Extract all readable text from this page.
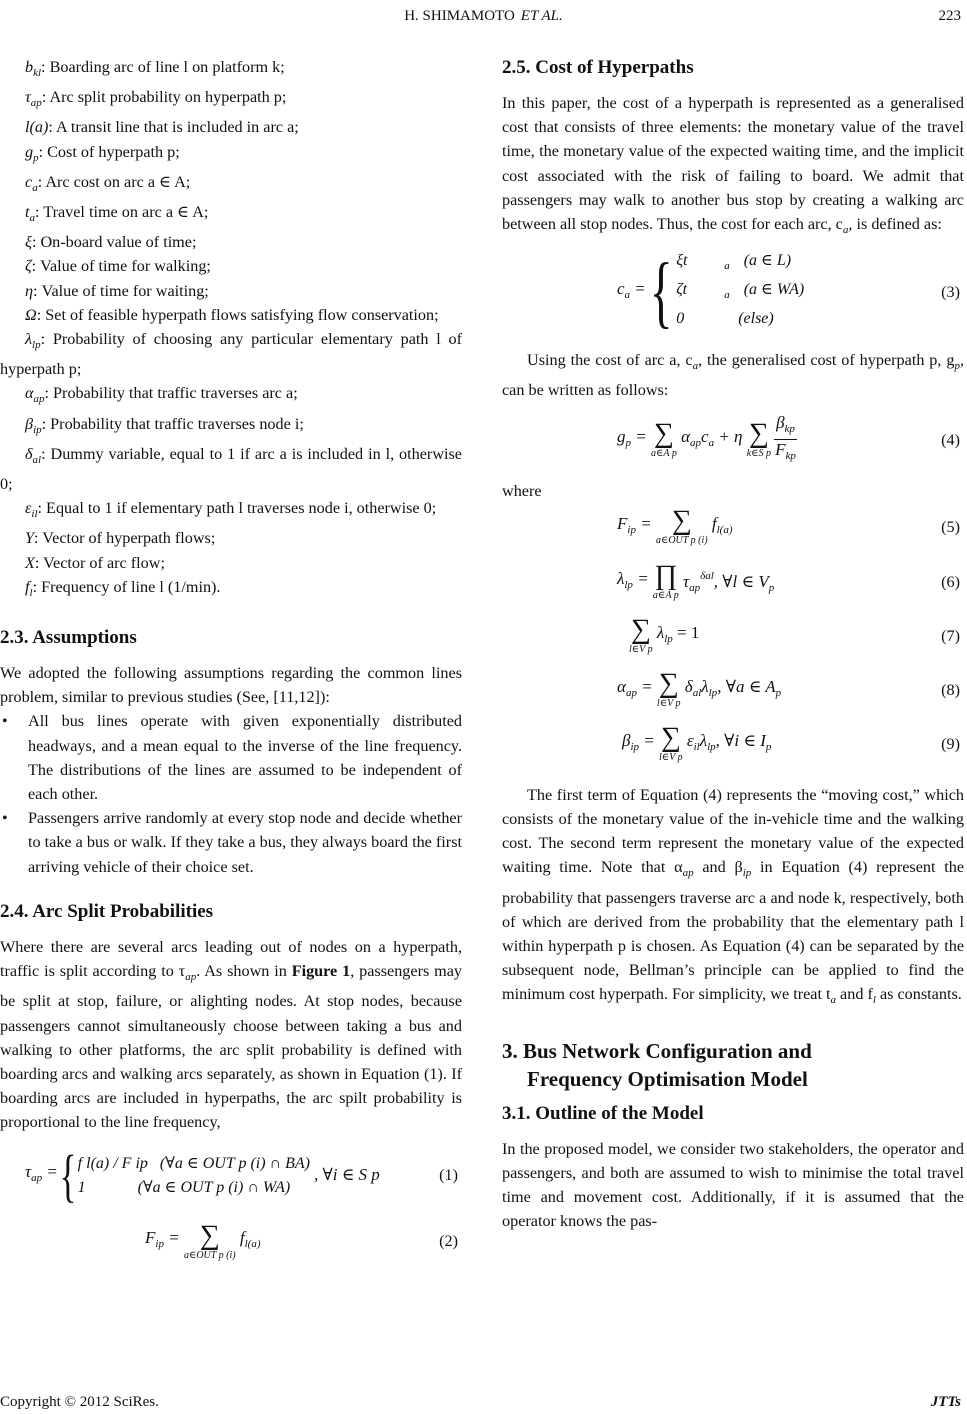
H. SHIMAMOTO ET AL.	223

$b_{kl}$: Boarding arc of line l on platform k;

$\tau_{ap}$: Arc split probability on hyperpath p;

l(a): A transit line that is included in arc a;

$g_p$: Cost of hyperpath p;

$c_a$: Arc cost on arc a ∈ A;

$t_a$: Travel time on arc a ∈ A;

ξ: On-board value of time;

ζ: Value of time for walking;

η: Value of time for waiting;

Ω: Set of feasible hyperpath flows satisfying flow conservation;

$\lambda_{lp}$: Probability of choosing any particular elementary path l of hyperpath p;

$\alpha_{ap}$: Probability that traffic traverses arc a;

$\beta_{ip}$: Probability that traffic traverses node i;

$\delta_{al}$: Dummy variable, equal to 1 if arc a is included in l, otherwise 0;

$\varepsilon_{il}$: Equal to 1 if elementary path l traverses node i, otherwise 0;

Y: Vector of hyperpath flows;

X: Vector of arc flow;

$f_l$: Frequency of line l (1/min).

2.3. Assumptions

We adopted the following assumptions regarding the common lines problem, similar to previous studies (See, [11,12]):

• All bus lines operate with given exponentially distributed headways, and a mean equal to the inverse of the line frequency. The distributions of the lines are assumed to be independent of each other.
• Passengers arrive randomly at every stop node and decide whether to take a bus or walk. If they take a bus, they always board the first arriving vehicle of their choice set.
2.4. Arc Split Probabilities

Where there are several arcs leading out of nodes on a hyperpath, traffic is split according to $\tau_{ap}$. As shown in Figure 1, passengers may be split at stop, failure, or alighting nodes. At stop nodes, because passengers cannot simultaneously choose between taking a bus and walking to other platforms, the arc split probability is defined with boarding arcs and walking arcs separately, as shown in Equation (1). If boarding arcs are included in hyperpaths, the arc spilt probability is proportional to the line frequency,

$\tau_{ap}$ = { f l(a) / F ip (∀a ∈ OUT p (i) ∩ BA)
1	(∀a ∈ OUT p (i) ∩ WA)
, ∀i ∈ S p	(1)
$F_{ip}$ = ∑
a∈OUT p (i)
$f_{l(a)}$	(2)
2.5. Cost of Hyperpaths

In this paper, the cost of a hyperpath is represented as a generalised cost that consists of three elements: the monetary value of the travel time, the monetary value of the expected waiting time, and the implicit cost associated with the risk of failing to board. We admit that passengers may walk to another bus stop by creating a walking arc between all stop nodes. Thus, the cost for each arc, $c_a$, is defined as:

$c_a$ = { ξt	$_a$ (a ∈ L)
ζt	$_a$ (a ∈ WA)
0	(else)
(3)

Using the cost of arc a, $c_a$, the generalised cost of hyperpath p, $g_p$, can be written as follows:

$g_p$ = ∑
a∈A p
$\alpha_{ap}c_a + \eta$ ∑
k∈S p $\frac{\beta_{kp}}{F_{kp}}$	(4)

where

$F_{ip}$ = ∑
a∈OUT p (i)
$f_{l(a)}$	(5)
$\lambda_{lp}$ = ∏
a∈A p
$\tau_{ap}^{\delta al}$, ∀l ∈ $V_p$	(6)
∑
l∈V p
$\lambda_{lp} = 1$	(7)
$\alpha_{ap}$ = ∑
l∈V p
$\delta_{al}\lambda_{lp}$, ∀a ∈ $A_p$	(8)
$\beta_{ip}$ = ∑
l∈V p
$\varepsilon_{il}\lambda_{lp}$, ∀i ∈ $I_p$	(9)

The first term of Equation (4) represents the “moving cost,” which consists of the monetary value of the in-vehicle time and the walking cost. The second term represent the monetary value of the expected waiting time. Note that $\alpha_{ap}$ and $\beta_{ip}$ in Equation (4) represent the probability that passengers traverse arc a and node k, respectively, both of which are derived from the probability that the elementary path l within hyperpath p is chosen. As Equation (4) can be separated by the subsequent node, Bellman’s principle can be applied to find the minimum cost hyperpath. For simplicity, we treat $t_a$ and $f_l$ as constants.

3. Bus Network Configuration and
Frequency Optimisation Model
3.1. Outline of the Model

In the proposed model, we consider two stakeholders, the operator and passengers, and both are assumed to wish to minimise the total travel time and movement cost. Additionally, if it is assumed that the operator knows the pas-

Copyright © 2012 SciRes.	JTTs
